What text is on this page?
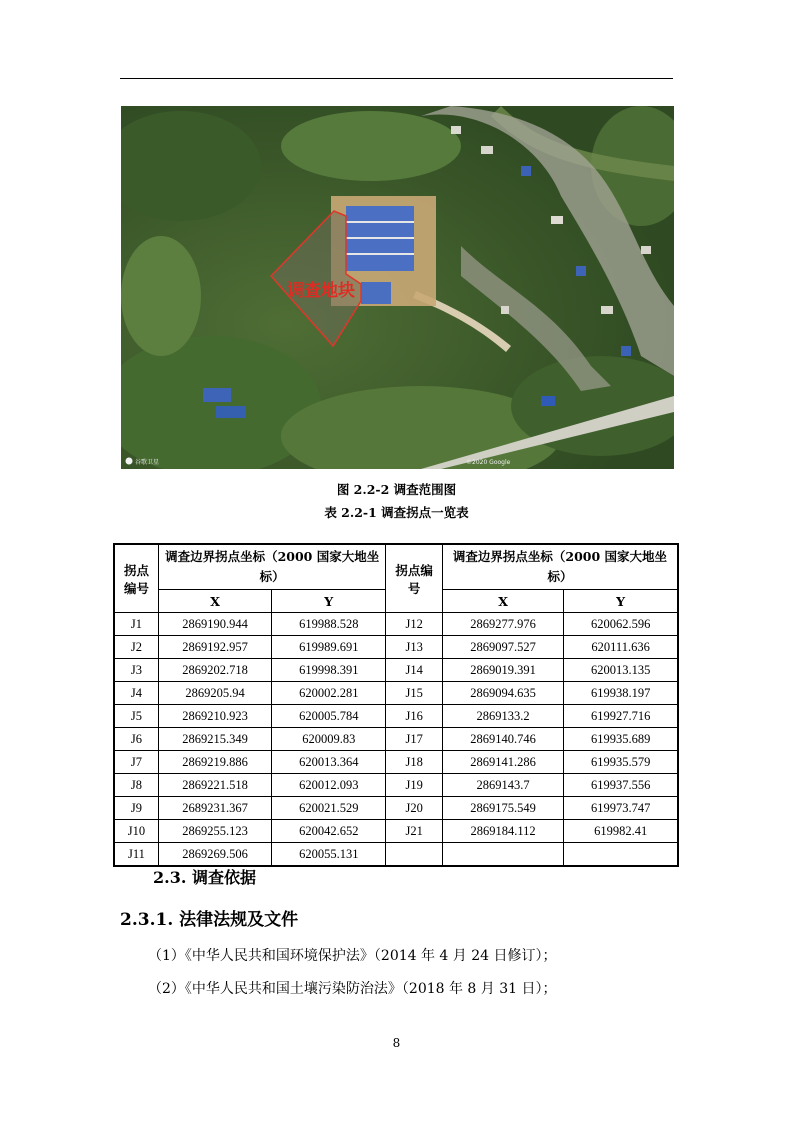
调查地块
谷歌卫星	©2020 Google
图 2.2-2 调查范围图
表 2.2-1 调查拐点一览表
拐点编号	调查边界拐点坐标（2000 国家大地坐标）		拐点编号	调查边界拐点坐标（2000 国家大地坐标）	
	X	Y		X	Y
J1	2869190.944	619988.528	J12	2869277.976	620062.596
J2	2869192.957	619989.691	J13	2869097.527	620111.636
J3	2869202.718	619998.391	J14	2869019.391	620013.135
J4	2869205.94	620002.281	J15	2869094.635	619938.197
J5	2869210.923	620005.784	J16	2869133.2	619927.716
J6	2869215.349	620009.83	J17	2869140.746	619935.689
J7	2869219.886	620013.364	J18	2869141.286	619935.579
J8	2869221.518	620012.093	J19	2869143.7	619937.556
J9	2689231.367	620021.529	J20	2869175.549	619973.747
J10	2869255.123	620042.652	J21	2869184.112	619982.41
J11	2869269.506	620055.131			
2.3. 调查依据
2.3.1. 法律法规及文件
（1）《中华人民共和国环境保护法》（2014 年 4 月 24 日修订）；
（2）《中华人民共和国土壤污染防治法》（2018 年 8 月 31 日）；
8
